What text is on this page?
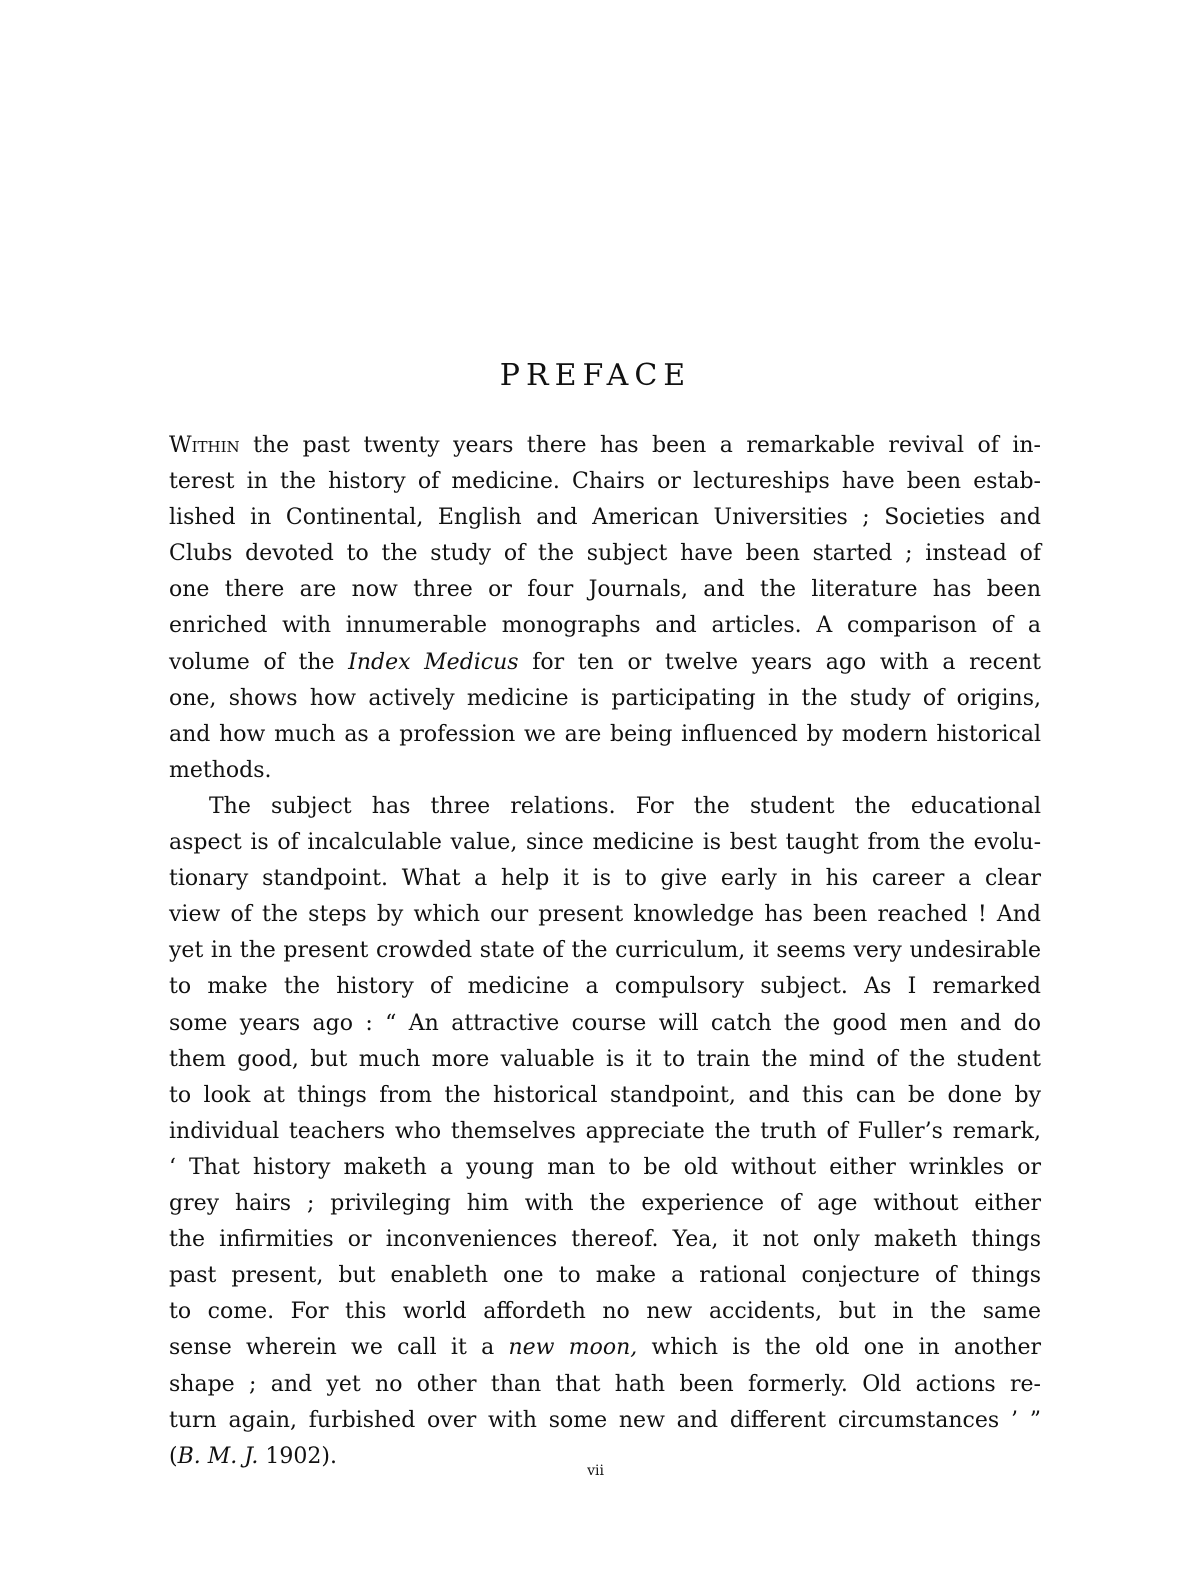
PREFACE
Within the past twenty years there has been a remarkable revival of in-
terest in the history of medicine. Chairs or lectureships have been estab-
lished in Continental, English and American Universities ; Societies and
Clubs devoted to the study of the subject have been started ; instead of
one there are now three or four Journals, and the literature has been
enriched with innumerable monographs and articles. A comparison of a
volume of the Index Medicus for ten or twelve years ago with a recent
one, shows how actively medicine is participating in the study of origins,
and how much as a profession we are being influenced by modern historical
methods.
The subject has three relations. For the student the educational
aspect is of incalculable value, since medicine is best taught from the evolu-
tionary standpoint. What a help it is to give early in his career a clear
view of the steps by which our present knowledge has been reached ! And
yet in the present crowded state of the curriculum, it seems very undesirable
to make the history of medicine a compulsory subject. As I remarked
some years ago : “ An attractive course will catch the good men and do
them good, but much more valuable is it to train the mind of the student
to look at things from the historical standpoint, and this can be done by
individual teachers who themselves appreciate the truth of Fuller’s remark,
‘ That history maketh a young man to be old without either wrinkles or
grey hairs ; privileging him with the experience of age without either
the infirmities or inconveniences thereof. Yea, it not only maketh things
past present, but enableth one to make a rational conjecture of things
to come. For this world affordeth no new accidents, but in the same
sense wherein we call it a new moon, which is the old one in another
shape ; and yet no other than that hath been formerly. Old actions re-
turn again, furbished over with some new and different circumstances ’ ”
(B. M. J. 1902).
vii
